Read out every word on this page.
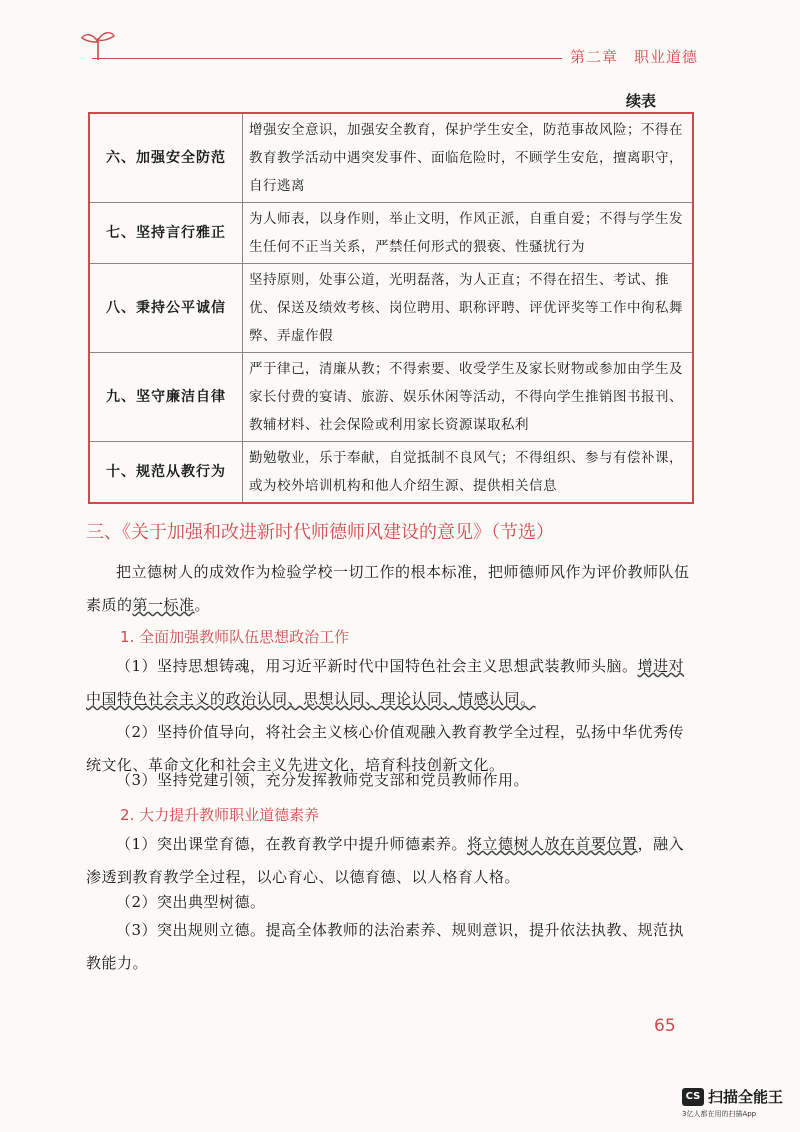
第二章　职业道德
续表
六、加强安全防范	增强安全意识，加强安全教育，保护学生安全，防范事故风险；不得在教育教学活动中遇突发事件、面临危险时，不顾学生安危，擅离职守，自行逃离
七、坚持言行雅正	为人师表，以身作则，举止文明，作风正派，自重自爱；不得与学生发生任何不正当关系，严禁任何形式的猥亵、性骚扰行为
八、秉持公平诚信	坚持原则，处事公道，光明磊落，为人正直；不得在招生、考试、推优、保送及绩效考核、岗位聘用、职称评聘、评优评奖等工作中徇私舞弊、弄虚作假
九、坚守廉洁自律	严于律己，清廉从教；不得索要、收受学生及家长财物或参加由学生及家长付费的宴请、旅游、娱乐休闲等活动，不得向学生推销图书报刊、教辅材料、社会保险或利用家长资源谋取私利
十、规范从教行为	勤勉敬业，乐于奉献，自觉抵制不良风气；不得组织、参与有偿补课，或为校外培训机构和他人介绍生源、提供相关信息
三、《关于加强和改进新时代师德师风建设的意见》（节选）
把立德树人的成效作为检验学校一切工作的根本标准，把师德师风作为评价教师队伍素质的第一标准。
1. 全面加强教师队伍思想政治工作
（1）坚持思想铸魂，用习近平新时代中国特色社会主义思想武装教师头脑。增进对中国特色社会主义的政治认同、思想认同、理论认同、情感认同。
（2）坚持价值导向，将社会主义核心价值观融入教育教学全过程，弘扬中华优秀传统文化、革命文化和社会主义先进文化，培育科技创新文化。
（3）坚持党建引领，充分发挥教师党支部和党员教师作用。
2. 大力提升教师职业道德素养
（1）突出课堂育德，在教育教学中提升师德素养。将立德树人放在首要位置，融入渗透到教育教学全过程，以心育心、以德育德、以人格育人格。
（2）突出典型树德。
（3）突出规则立德。提高全体教师的法治素养、规则意识，提升依法执教、规范执教能力。
65
CS 扫描全能王
3亿人都在用的扫描App
